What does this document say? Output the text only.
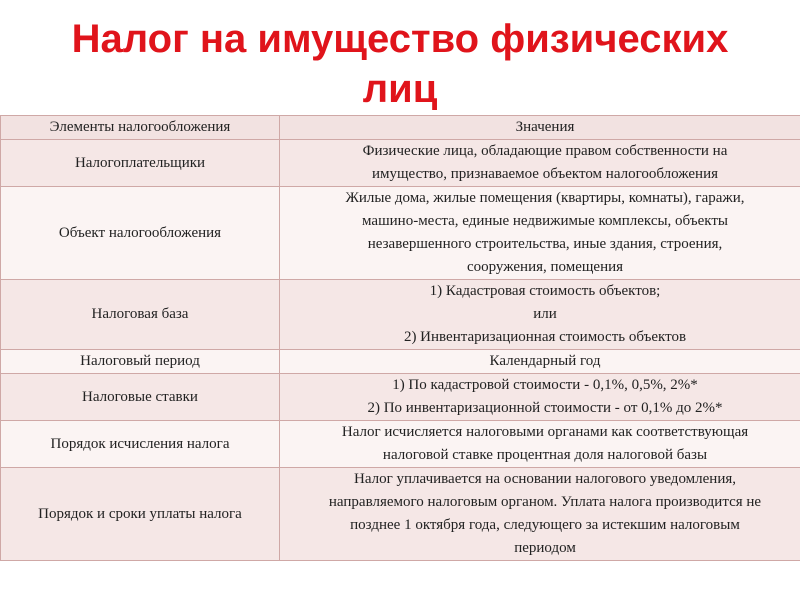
Налог на имущество физических
лиц
Элементы налогообложения	Значения
Налогоплательщики	Физические лица, обладающие правом собственности на
имущество, признаваемое объектом налогообложения

Объект налогообложения	Жилые дома, жилые помещения (квартиры, комнаты), гаражи,
машино-места, единые недвижимые комплексы, объекты
незавершенного строительства, иные здания, строения,
сооружения, помещения

Налоговая база	1) Кадастровая стоимость объектов;
или
2) Инвентаризационная стоимость объектов

Налоговый период	Календарный год

Налоговые ставки	1) По кадастровой стоимости - 0,1%, 0,5%, 2%*
2) По инвентаризационной стоимости - от 0,1% до 2%*

Порядок исчисления налога	Налог исчисляется налоговыми органами как соответствующая
налоговой ставке процентная доля налоговой базы

Порядок и сроки уплаты налога	Налог уплачивается на основании налогового уведомления,
направляемого налоговым органом. Уплата налога производится не
позднее 1 октября года, следующего за истекшим налоговым
периодом
